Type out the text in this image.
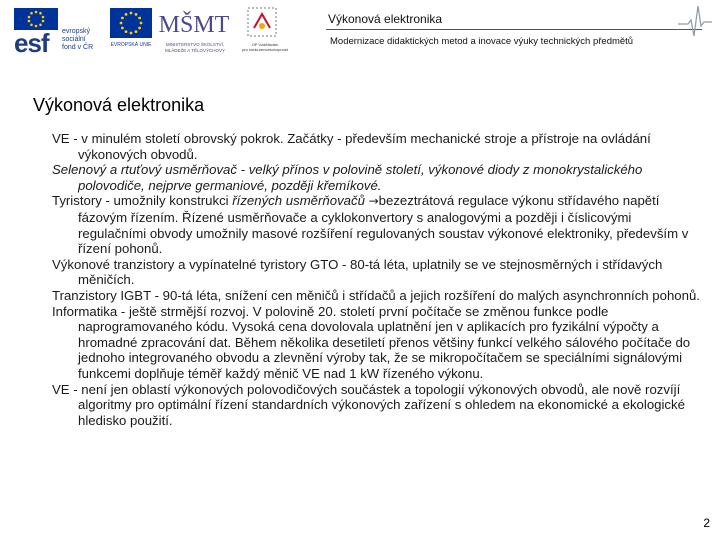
esf evropský
sociální
fond v ČR	EVROPSKÁ UNIE
MŠMT
MINISTERSTVO ŠKOLSTVÍ,
MLÁDEŽE A TĚLOVÝCHOVY
OP Vzdělávání
pro konkurenceschopnost
Výkonová elektronika
Modernizace didaktických metod a inovace výuky technických předmětů
Výkonová elektronika

VE - v minulém století obrovský pokrok. Začátky - především mechanické stroje a přístroje na ovládání výkonových obvodů.

Selenový a rtuťový usměrňovač - velký přínos v polovině století, výkonové diody z monokrystalického polovodiče, nejprve germaniové, později křemíkové.

Tyristory - umožnily konstrukci řízených usměrňovačů →bezeztrátová regulace výkonu střídavého napětí fázovým řízením. Řízené usměrňovače a cyklokonvertory s analogovými a později i číslicovými regulačními obvody umožnily masové rozšíření regulovaných soustav výkonové elektroniky, především v řízení pohonů.

Výkonové tranzistory a vypínatelné tyristory GTO - 80-tá léta, uplatnily se ve stejnosměrných i střídavých měničích.

Tranzistory IGBT - 90-tá léta, snížení cen měničů i střídačů a jejich rozšíření do malých asynchronních pohonů.

Informatika - ještě strmější rozvoj. V polovině 20. století první počítače se změnou funkce podle naprogramovaného kódu. Vysoká cena dovolovala uplatnění jen v aplikacích pro fyzikální výpočty a hromadné zpracování dat. Během několika desetiletí přenos většiny funkcí velkého sálového počítače do jednoho integrovaného obvodu a zlevnění výroby tak, že se mikropočítačem se speciálními signálovými funkcemi doplňuje téměř každý měnič VE nad 1 kW řízeného výkonu.

VE - není jen oblastí výkonových polovodičových součástek a topologií výkonových obvodů, ale nově rozvíjí algoritmy pro optimální řízení standardních výkonových zařízení s ohledem na ekonomické a ekologické hledisko použití.

2
